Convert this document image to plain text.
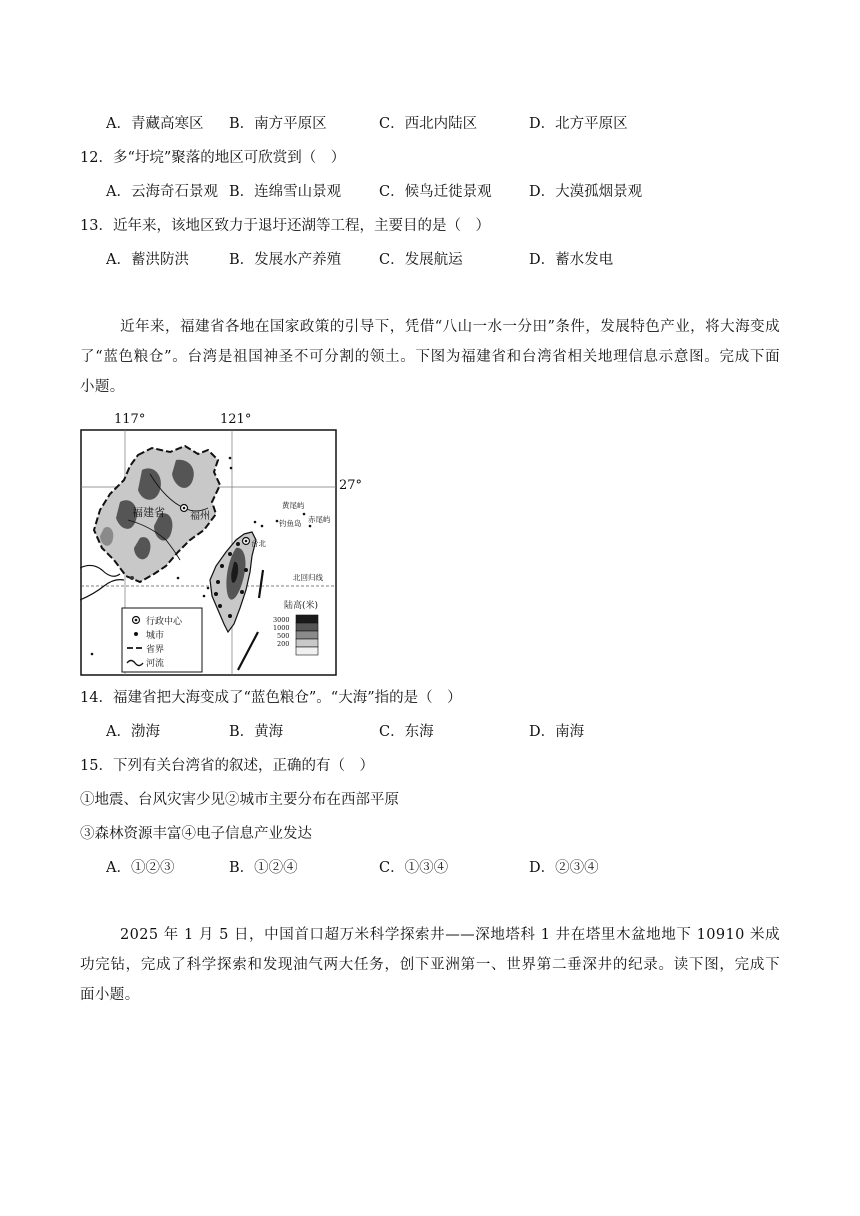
A．青藏高寒区 B．南方平原区	C．西北内陆区	D．北方平原区
12．多“圩垸”聚落的地区可欣赏到（　）
A．云海奇石景观 B．连绵雪山景观	C．候鸟迁徙景观	D．大漠孤烟景观
13．近年来，该地区致力于退圩还湖等工程，主要目的是（　）
A．蓄洪防洪	B．发展水产养殖	C．发展航运	D．蓄水发电
近年来，福建省各地在国家政策的引导下，凭借“八山一水一分田”条件，发展特色产业，将大海变成了“蓝色粮仓”。台湾是祖国神圣不可分割的领土。下图为福建省和台湾省相关地理信息示意图。完成下面小题。
117°	121°
27°
北回归线
福建省	福州
黄尾屿
赤尾屿
钓鱼岛
台北
行政中心
城市
省界
河流
陆高(米)
3000
1000
500
200
14．福建省把大海变成了“蓝色粮仓”。“大海”指的是（　）
A．渤海	B．黄海	C．东海	D．南海
15．下列有关台湾省的叙述，正确的有（　）
①地震、台风灾害少见②城市主要分布在西部平原
③森林资源丰富④电子信息产业发达
A．①②③	B．①②④	C．①③④	D．②③④
2025 年 1 月 5 日，中国首口超万米科学探索井——深地塔科 1 井在塔里木盆地地下 10910 米成功完钻，完成了科学探索和发现油气两大任务，创下亚洲第一、世界第二垂深井的纪录。读下图，完成下面小题。
